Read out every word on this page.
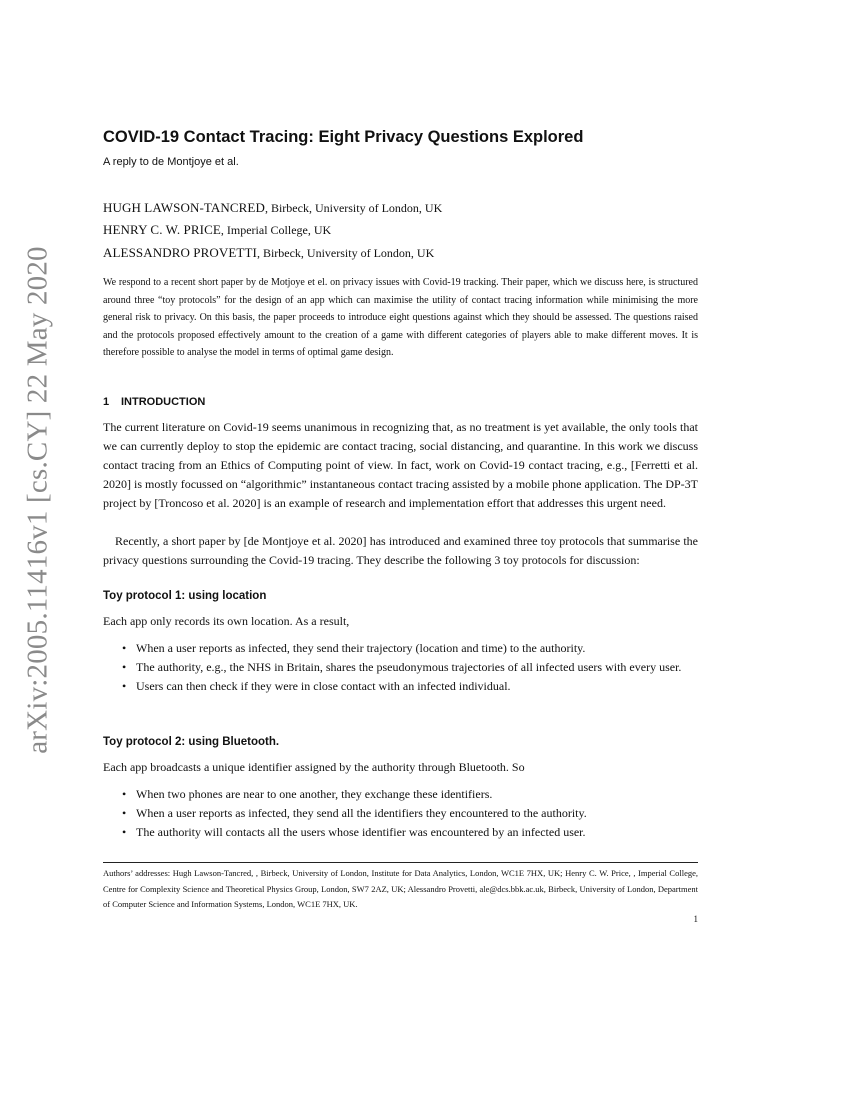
arXiv:2005.11416v1 [cs.CY] 22 May 2020
COVID-19 Contact Tracing: Eight Privacy Questions Explored
A reply to de Montjoye et al.
HUGH LAWSON-TANCRED, Birbeck, University of London, UK
HENRY C. W. PRICE, Imperial College, UK
ALESSANDRO PROVETTI, Birbeck, University of London, UK

We respond to a recent short paper by de Motjoye et el. on privacy issues with Covid-19 tracking. Their paper, which we discuss here, is structured around three “toy protocols” for the design of an app which can maximise the utility of contact tracing information while minimising the more general risk to privacy. On this basis, the paper proceeds to introduce eight questions against which they should be assessed. The questions raised and the protocols proposed effectively amount to the creation of a game with different categories of players able to make different moves. It is therefore possible to analyse the model in terms of optimal game design.

1 INTRODUCTION

The current literature on Covid-19 seems unanimous in recognizing that, as no treatment is yet available, the only tools that we can currently deploy to stop the epidemic are contact tracing, social distancing, and quarantine. In this work we discuss contact tracing from an Ethics of Computing point of view. In fact, work on Covid-19 contact tracing, e.g., [Ferretti et al. 2020] is mostly focussed on “algorithmic” instantaneous contact tracing assisted by a mobile phone application. The DP-3T project by [Troncoso et al. 2020] is an example of research and implementation effort that addresses this urgent need.

Recently, a short paper by [de Montjoye et al. 2020] has introduced and examined three toy protocols that summarise the privacy questions surrounding the Covid-19 tracing. They describe the following 3 toy protocols for discussion:

Toy protocol 1: using location

Each app only records its own location. As a result,

• When a user reports as infected, they send their trajectory (location and time) to the authority.
• The authority, e.g., the NHS in Britain, shares the pseudonymous trajectories of all infected users with every user.
• Users can then check if they were in close contact with an infected individual.
Toy protocol 2: using Bluetooth.

Each app broadcasts a unique identifier assigned by the authority through Bluetooth. So

• When two phones are near to one another, they exchange these identifiers.
• When a user reports as infected, they send all the identifiers they encountered to the authority.
• The authority will contacts all the users whose identifier was encountered by an infected user.

Authors’ addresses: Hugh Lawson-Tancred, , Birbeck, University of London, Institute for Data Analytics, London, WC1E 7HX, UK; Henry C. W. Price, , Imperial College, Centre for Complexity Science and Theoretical Physics Group, London, SW7 2AZ, UK; Alessandro Provetti, ale@dcs.bbk.ac.uk, Birbeck, University of London, Department of Computer Science and Information Systems, London, WC1E 7HX, UK.

1
